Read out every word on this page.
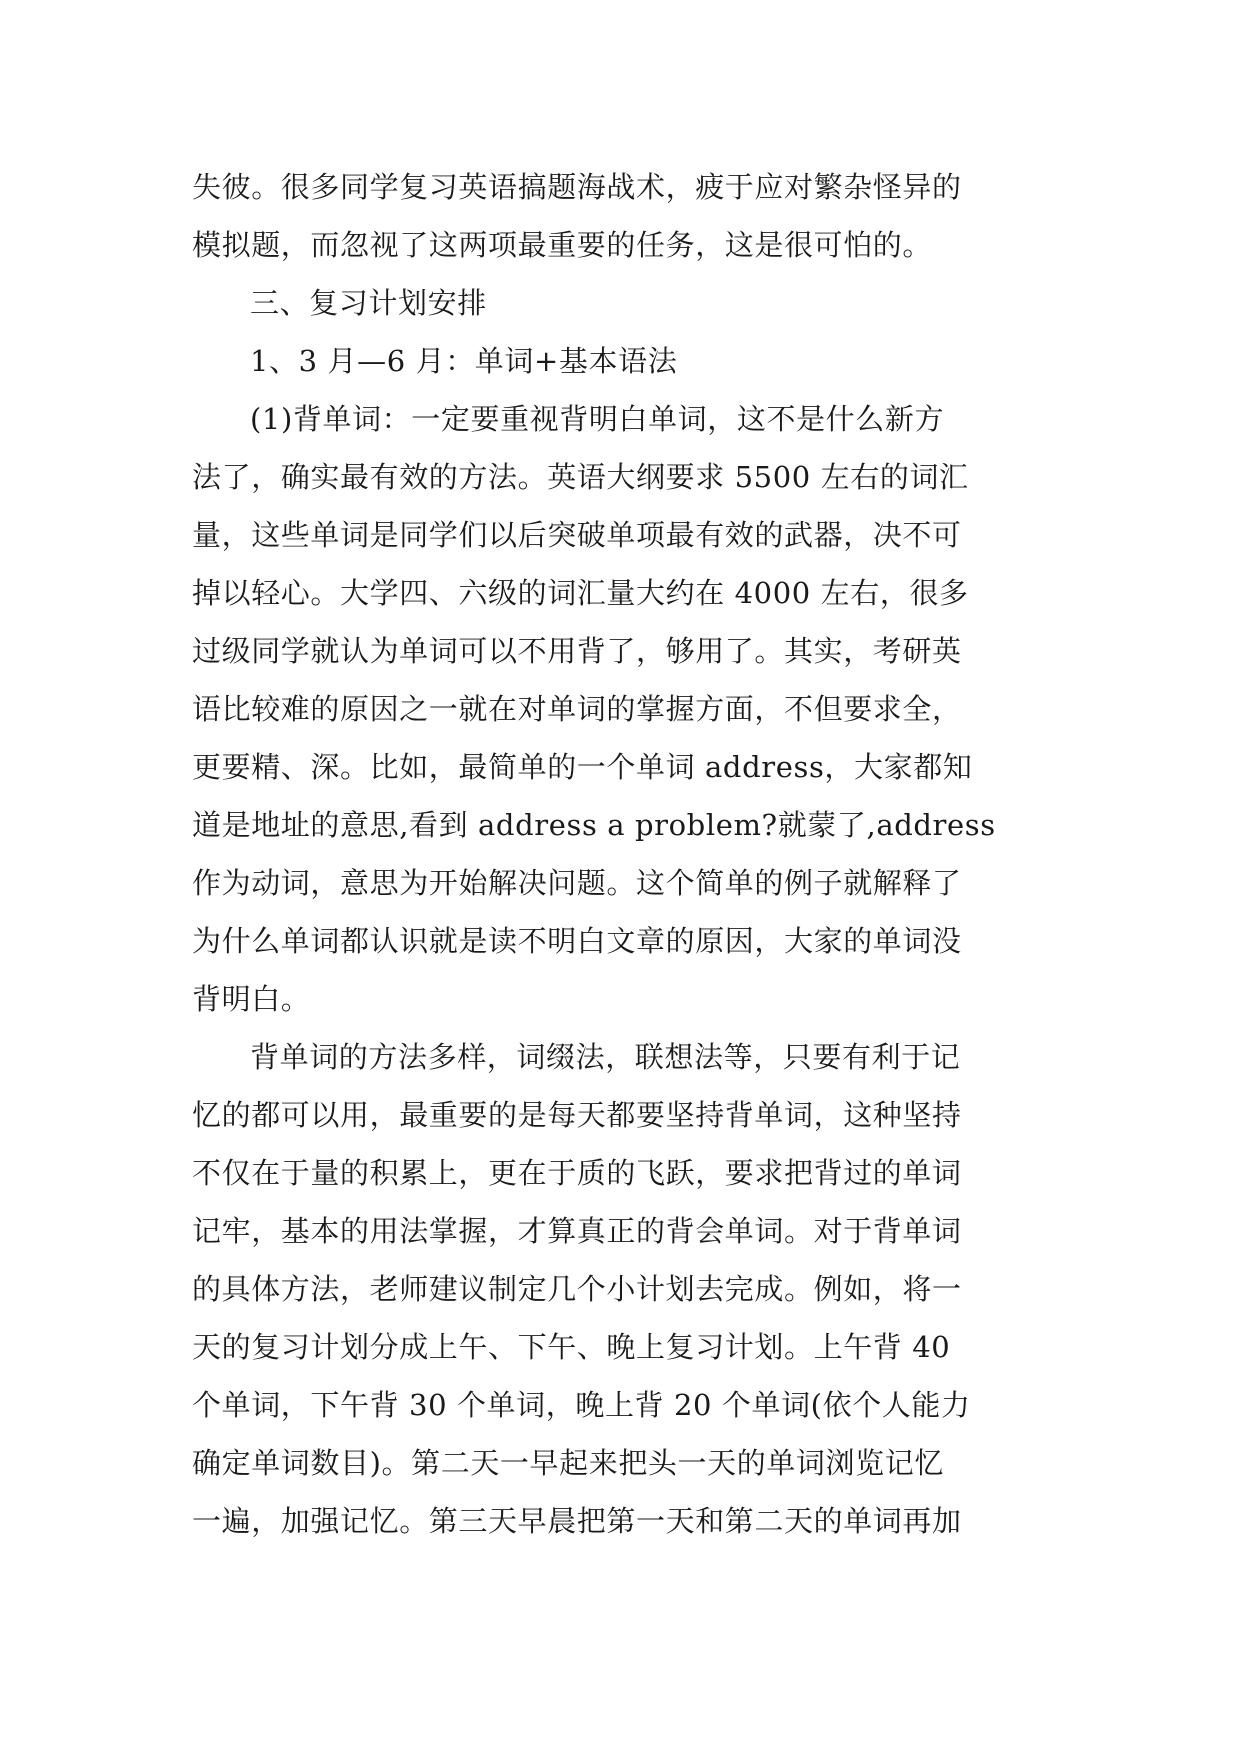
失彼。很多同学复习英语搞题海战术，疲于应对繁杂怪异的
模拟题，而忽视了这两项最重要的任务，这是很可怕的。
三、复习计划安排
1、3 月—6 月：单词+基本语法
(1)背单词：一定要重视背明白单词，这不是什么新方
法了，确实最有效的方法。英语大纲要求 5500 左右的词汇
量，这些单词是同学们以后突破单项最有效的武器，决不可
掉以轻心。大学四、六级的词汇量大约在 4000 左右，很多
过级同学就认为单词可以不用背了，够用了。其实，考研英
语比较难的原因之一就在对单词的掌握方面，不但要求全，
更要精、深。比如，最简单的一个单词 address，大家都知
道是地址的意思,看到 address a problem?就蒙了,address
作为动词，意思为开始解决问题。这个简单的例子就解释了
为什么单词都认识就是读不明白文章的原因，大家的单词没
背明白。
背单词的方法多样，词缀法，联想法等，只要有利于记
忆的都可以用，最重要的是每天都要坚持背单词，这种坚持
不仅在于量的积累上，更在于质的飞跃，要求把背过的单词
记牢，基本的用法掌握，才算真正的背会单词。对于背单词
的具体方法，老师建议制定几个小计划去完成。例如，将一
天的复习计划分成上午、下午、晚上复习计划。上午背 40
个单词，下午背 30 个单词，晚上背 20 个单词(依个人能力
确定单词数目)。第二天一早起来把头一天的单词浏览记忆
一遍，加强记忆。第三天早晨把第一天和第二天的单词再加
